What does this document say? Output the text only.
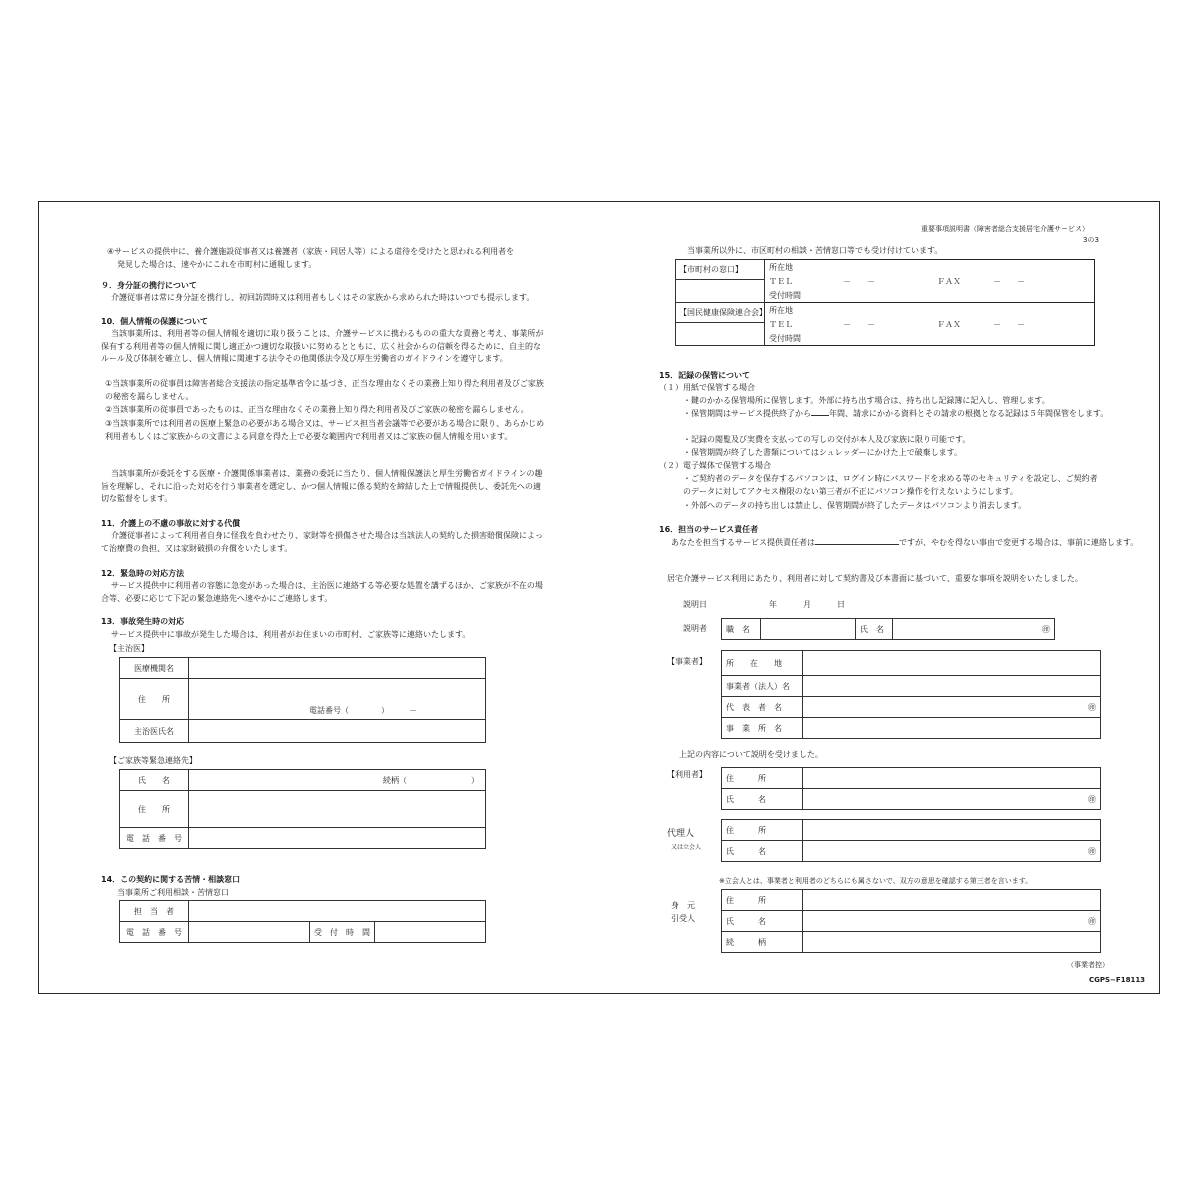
④サービスの提供中に、養介護施設従事者又は養護者（家族・同居人等）による虐待を受けたと思われる利用者を
発見した場合は、速やかにこれを市町村に通報します。
９．身分証の携行について
介護従事者は常に身分証を携行し、初回訪問時又は利用者もしくはその家族から求められた時はいつでも提示します。
10．個人情報の保護について
当該事業所は、利用者等の個人情報を適切に取り扱うことは、介護サービスに携わるものの重大な責務と考え、事業所が保有する利用者等の個人情報に関し適正かつ適切な取扱いに努めるとともに、広く社会からの信頼を得るために、自主的なルール及び体制を確立し、個人情報に関連する法令その他関係法令及び厚生労働省のガイドラインを遵守します。
①当該事業所の従事員は障害者総合支援法の指定基準省令に基づき、正当な理由なくその業務上知り得た利用者及びご家族の秘密を漏らしません。
②当該事業所の従事員であったものは、正当な理由なくその業務上知り得た利用者及びご家族の秘密を漏らしません。
③当該事業所では利用者の医療上緊急の必要がある場合又は、サービス担当者会議等で必要がある場合に限り、あらかじめ利用者もしくはご家族からの文書による同意を得た上で必要な範囲内で利用者又はご家族の個人情報を用います。
当該事業所が委託をする医療・介護関係事業者は、業務の委託に当たり、個人情報保護法と厚生労働省ガイドラインの趣旨を理解し、それに沿った対応を行う事業者を選定し、かつ個人情報に係る契約を締結した上で情報提供し、委託先への適切な監督をします。
11．介護上の不慮の事故に対する代償
介護従事者によって利用者自身に怪我を負わせたり、家財等を損傷させた場合は当該法人の契約した損害賠償保険によって治療費の負担、又は家財破損の弁償をいたします。
12．緊急時の対応方法
サービス提供中に利用者の容態に急変があった場合は、主治医に連絡する等必要な処置を講ずるほか、ご家族が不在の場合等、必要に応じて下記の緊急連絡先へ速やかにご連絡します。
13．事故発生時の対応
サービス提供中に事故が発生した場合は、利用者がお住まいの市町村、ご家族等に連絡いたします。
【主治医】
医療機関名	
住　　所	電話番号（　　　　）　　　－
主治医氏名	
【ご家族等緊急連絡先】
氏　　名	続柄（　　　　　　　　）
住　　所	
電　話　番　号	
14．この契約に関する苦情・相談窓口
当事業所ご利用相談・苦情窓口
担　当　者			
電　話　番　号		受　付　時　間	
重要事項説明書（障害者総合支援居宅介護サービス）
3の3
当事業所以外に、市区町村の相談・苦情窓口等でも受け付けています。
【市町村の窓口】	所在地
	ＴＥＬ －　　－ ＦＡＸ －　　－
	受付時間

【国民健康保険連合会】	所在地
	ＴＥＬ －　　－ ＦＡＸ －　　－
	受付時間
15．記録の保管について
（１）用紙で保管する場合
・鍵のかかる保管場所に保管します。外部に持ち出す場合は、持ち出し記録簿に記入し、管理します。
・保管期間はサービス提供終了から 年間、請求にかかる資料とその請求の根拠となる記録は５年間保管をします。
・記録の閲覧及び実費を支払っての写しの交付が本人及び家族に限り可能です。
・保管期間が終了した書類についてはシュレッダーにかけた上で破棄します。
（２）電子媒体で保管する場合
・ご契約者のデータを保存するパソコンは、ログイン時にパスワードを求める等のセキュリティを設定し、ご契約者のデータに対してアクセス権限のない第三者が不正にパソコン操作を行えないようにします。
・外部へのデータの持ち出しは禁止し、保管期間が終了したデータはパソコンより消去します。
16．担当のサービス責任者
あなたを担当するサービス提供責任者は	ですが、やむを得ない事由で変更する場合は、事前に連絡します。
居宅介護サービス利用にあたり、利用者に対して契約書及び本書面に基づいて、重要な事項を説明をいたしました。
説明日	年	月	日
説明者 職　名		氏　名	㊞
【事業者】 所　　在　　地	
事業者（法人）名	
代　表　者　名	㊞
事　業　所　名	
上記の内容について説明を受けました。
【利用者】 住　　　所	
氏　　　名	㊞
代理人
又は立会人
住　　　所	
氏　　　名	㊞
※立会人とは、事業者と利用者のどちらにも属さないで、双方の意思を確認する第三者を言います。
身　元
引受人
住　　　所	
氏　　　名	㊞
続　　　柄	
（事業者控）
CGPS−F18113
